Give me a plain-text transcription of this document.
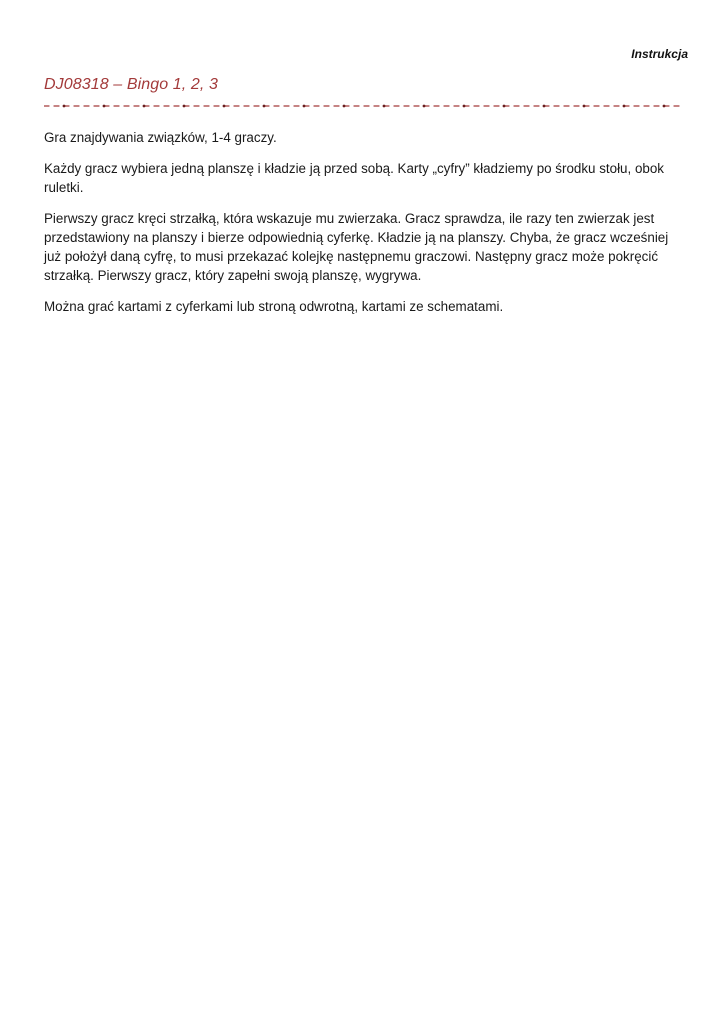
Instrukcja
DJ08318 – Bingo 1, 2, 3

Gra znajdywania związków, 1-4 graczy.

Każdy gracz wybiera jedną planszę i kładzie ją przed sobą. Karty „cyfry” kładziemy po środku stołu, obok ruletki.

Pierwszy gracz kręci strzałką, która wskazuje mu zwierzaka. Gracz sprawdza, ile razy ten zwierzak jest przedstawiony na planszy i bierze odpowiednią cyferkę. Kładzie ją na planszy. Chyba, że gracz wcześniej już położył daną cyfrę, to musi przekazać kolejkę następnemu graczowi. Następny gracz może pokręcić strzałką. Pierwszy gracz, który zapełni swoją planszę, wygrywa.

Można grać kartami z cyferkami lub stroną odwrotną, kartami ze schematami.
